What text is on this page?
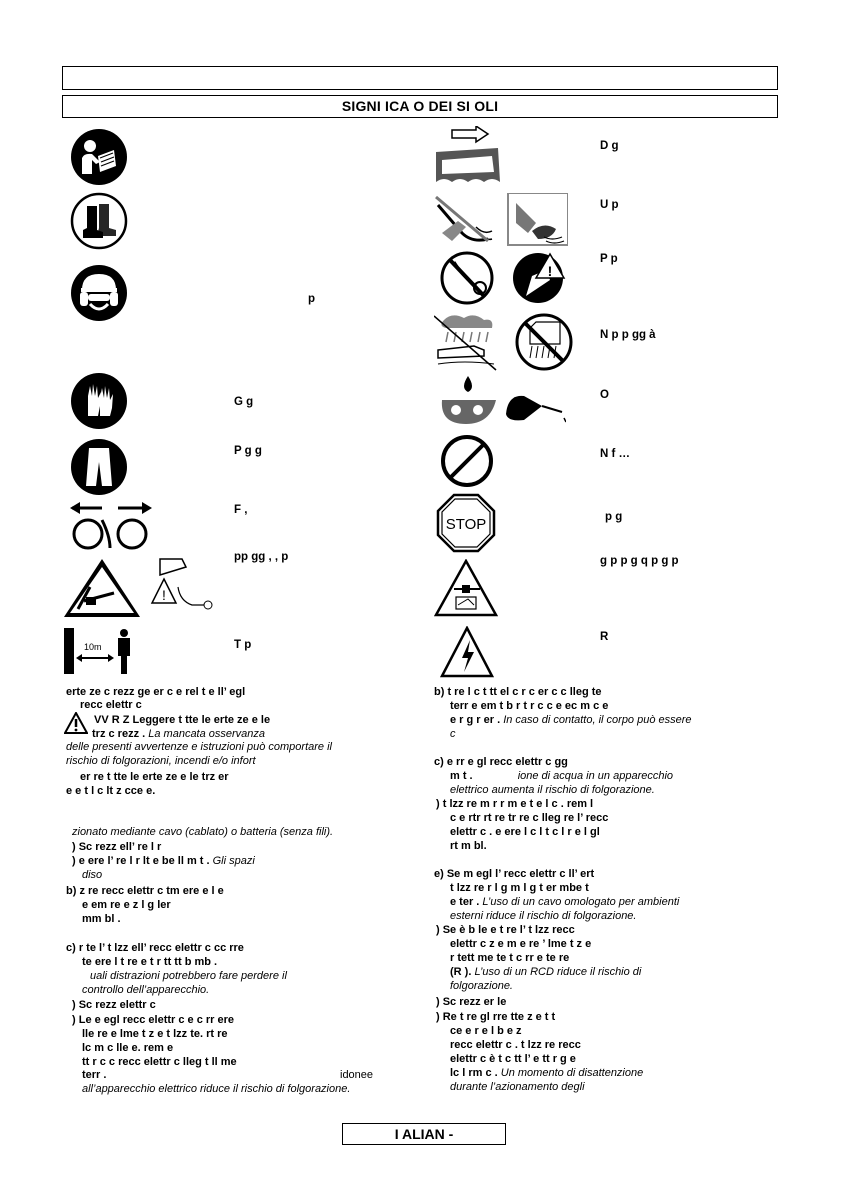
SIGNI ICA O DEI SI OLI
!
10m
p
G g
P g g
F ,
pp gg , , p
T p
!
STOP
D g
U p
P p
N p p gg à
O
N f …
p g
g p p g q p g p
R
erte ze c rezz ge er c e rel t e ll’ egl
recc elettr c
VV R Z Leggere t tte le erte ze e le
trz c rezz . La mancata osservanza
delle presenti avvertenze e istruzioni può comportare il
rischio di folgorazioni, incendi e/o infort
er re t tte le erte ze e le trz er
e e t l c lt z cce e.
zionato mediante cavo (cablato) o batteria (senza fili).
) Sc rezz ell’ re l r
) e ere l’ re l r lt e be ll m t . Gli spazi
diso
b) z re recc elettr c tm ere e l e
e em re e z l g ler
mm bl .
c) r te l’ t lzz ell’ recc elettr c cc rre
te ere l t re e t r tt tt b mb .
uali distrazioni potrebbero fare perdere il
controllo dell’apparecchio.
) Sc rezz elettr c
) Le e egl recc elettr c e c rr ere
lle re e lme t z e t lzz te. rt re
lc m c lle e. rem e
tt r c c recc elettr c lleg t ll me
terr .	idonee
all’apparecchio elettrico riduce il rischio di folgorazione.
b) t re l c t tt el c r c er c c lleg te
terr e em t b r t r c c e ec m c e
e r g r er . In caso di contatto, il corpo può essere
c
c) e rr e gl recc elettr c gg
m t .	ione di acqua in un apparecchio
elettrico aumenta il rischio di folgorazione.
) t lzz re m r r m e t e l c . rem l
c e rtr rt re tr re c lleg re l’ recc
elettr c . e ere l c l t c l r e l gl
rt m bl.
e) Se m egl l’ recc elettr c ll’ ert
t lzz re r l g m l g t er mbe t
e ter . L’uso di un cavo omologato per ambienti
esterni riduce il rischio di folgorazione.
) Se è b le e t re l’ t lzz recc
elettr c z e m e re ’ lme t z e
r tett me te t c rr e te re
(R ). L’uso di un RCD riduce il rischio di
folgorazione.
) Sc rezz er le
) Re t re gl rre tte z e t t
ce e r e l b e z
recc elettr c . t lzz re recc
elettr c è t c tt l’ e tt r g e
lc l rm c . Un momento di disattenzione
durante l’azionamento degli
I ALIAN -
